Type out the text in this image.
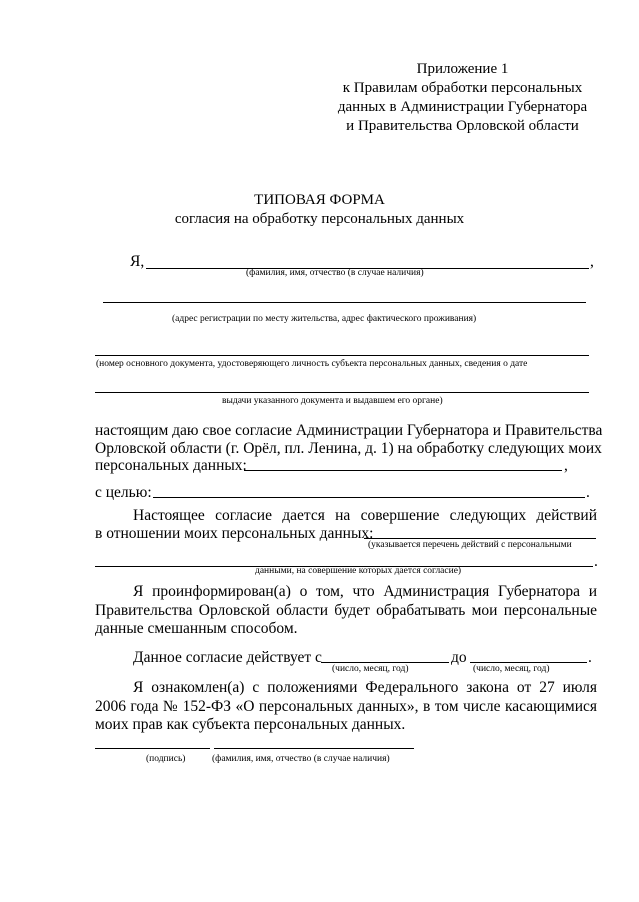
Приложение 1
к Правилам обработки персональных
данных в Администрации Губернатора
и Правительства Орловской области
ТИПОВАЯ ФОРМА
согласия на обработку персональных данных
Я,	,
(фамилия, имя, отчество (в случае наличия)
(адрес регистрации по месту жительства, адрес фактического проживания)
(номер основного документа, удостоверяющего личность субъекта персональных данных, сведения о дате
выдачи указанного документа и выдавшем его органе)
настоящим даю свое согласие Администрации Губернатора и Правительства
Орловской области (г. Орёл, пл. Ленина, д. 1) на обработку следующих моих
персональных данных:	,
с целью:	.
Настоящее согласие дается на совершение следующих действий
в отношении моих персональных данных:
(указывается перечень действий с персональными
.
данными, на совершение которых дается согласие)
Я проинформирован(а) о том, что Администрация Губернатора и Правительства Орловской области будет обрабатывать мои персональные данные смешанным способом.
Данное согласие действует с	до	.
(число, месяц, год)	(число, месяц, год)
Я ознакомлен(а) с положениями Федерального закона от 27 июля 2006 года № 152-ФЗ «О персональных данных», в том числе касающимися моих прав как субъекта персональных данных.
(подпись)	(фамилия, имя, отчество (в случае наличия)
